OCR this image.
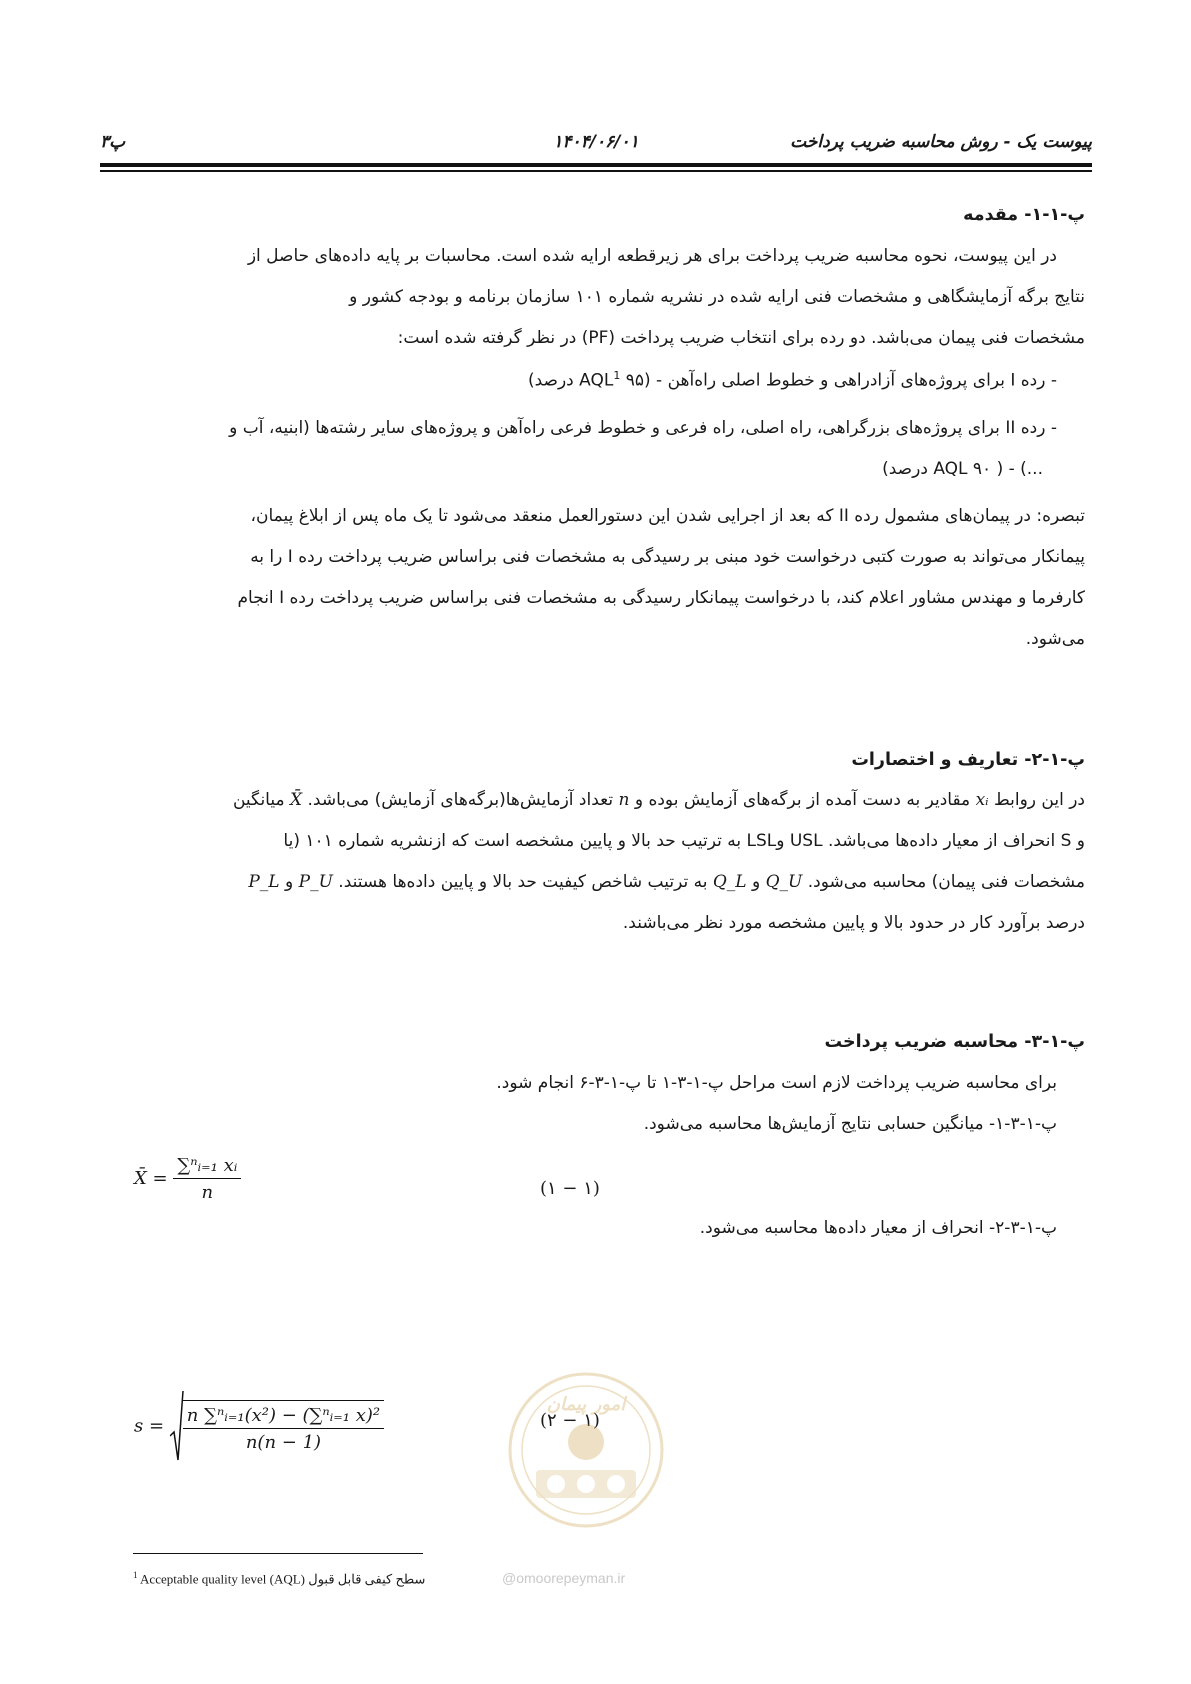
پیوست یک - روش محاسبه ضریب پرداخت
۱۴۰۴/۰۶/۰۱
پ۳
پ-۱-۱- مقدمه
در این پیوست، نحوه محاسبه ضریب پرداخت برای هر زیرقطعه ارایه شده است. محاسبات بر پایه داده‌های حاصل از
نتایج برگه آزمایشگاهی و مشخصات فنی ارایه شده در نشریه شماره ۱۰۱ سازمان برنامه و بودجه کشور و
مشخصات فنی پیمان می‌باشد. دو رده برای انتخاب ضریب پرداخت (PF) در نظر گرفته شده است:
- رده I برای پروژه‌های آزادراهی و خطوط اصلی راه‌آهن - (AQL$^1$ ۹۵ درصد)
- رده II برای پروژه‌های بزرگراهی، راه اصلی، راه فرعی و خطوط فرعی راه‌آهن و پروژه‌های سایر رشته‌ها (ابنیه، آب و
...) - ( AQL ۹۰ درصد)
تبصره: در پیمان‌های مشمول رده II که بعد از اجرایی شدن این دستورالعمل منعقد می‌شود تا یک ماه پس از ابلاغ پیمان،
پیمانکار می‌تواند به صورت کتبی درخواست خود مبنی بر رسیدگی به مشخصات فنی براساس ضریب پرداخت رده I را به
کارفرما و مهندس مشاور اعلام کند، با درخواست پیمانکار رسیدگی به مشخصات فنی براساس ضریب پرداخت رده I انجام
می‌شود.
پ-۱-۲- تعاریف و اختصارات
در این روابط xᵢ مقادیر به دست آمده از برگه‌های آزمایش بوده و n تعداد آزمایش‌ها(برگه‌های آزمایش) می‌باشد. X̄ میانگین
و S انحراف از معیار داده‌ها می‌باشد. USL وLSL به ترتیب حد بالا و پایین مشخصه است که ازنشریه شماره ۱۰۱ (یا
مشخصات فنی پیمان) محاسبه می‌شود. Q_U و Q_L به ترتیب شاخص کیفیت حد بالا و پایین داده‌ها هستند. P_U و P_L
درصد برآورد کار در حدود بالا و پایین مشخصه مورد نظر می‌باشند.
پ-۱-۳- محاسبه ضریب پرداخت
برای محاسبه ضریب پرداخت لازم است مراحل پ-۱-۳-۱ تا پ-۱-۳-۶ انجام شود.
پ-۱-۳-۱- میانگین حسابی نتایج آزمایش‌ها محاسبه می‌شود.
X̄ = $\frac{\text{∑ⁿᵢ₌₁ xᵢ}}{n}$	(۱ − ۱)
پ-۱-۳-۲- انحراف از معیار داده‌ها محاسبه می‌شود.
$s = \frac{\text{n ∑ⁿᵢ₌₁(x²) − (∑ⁿᵢ₌₁ x)²}}{n(n - 1)}$	(۲ − ۱)
امور پیمان
@omoorepeyman.ir
$^1$ Acceptable quality level (AQL) سطح کیفی قابل قبول
